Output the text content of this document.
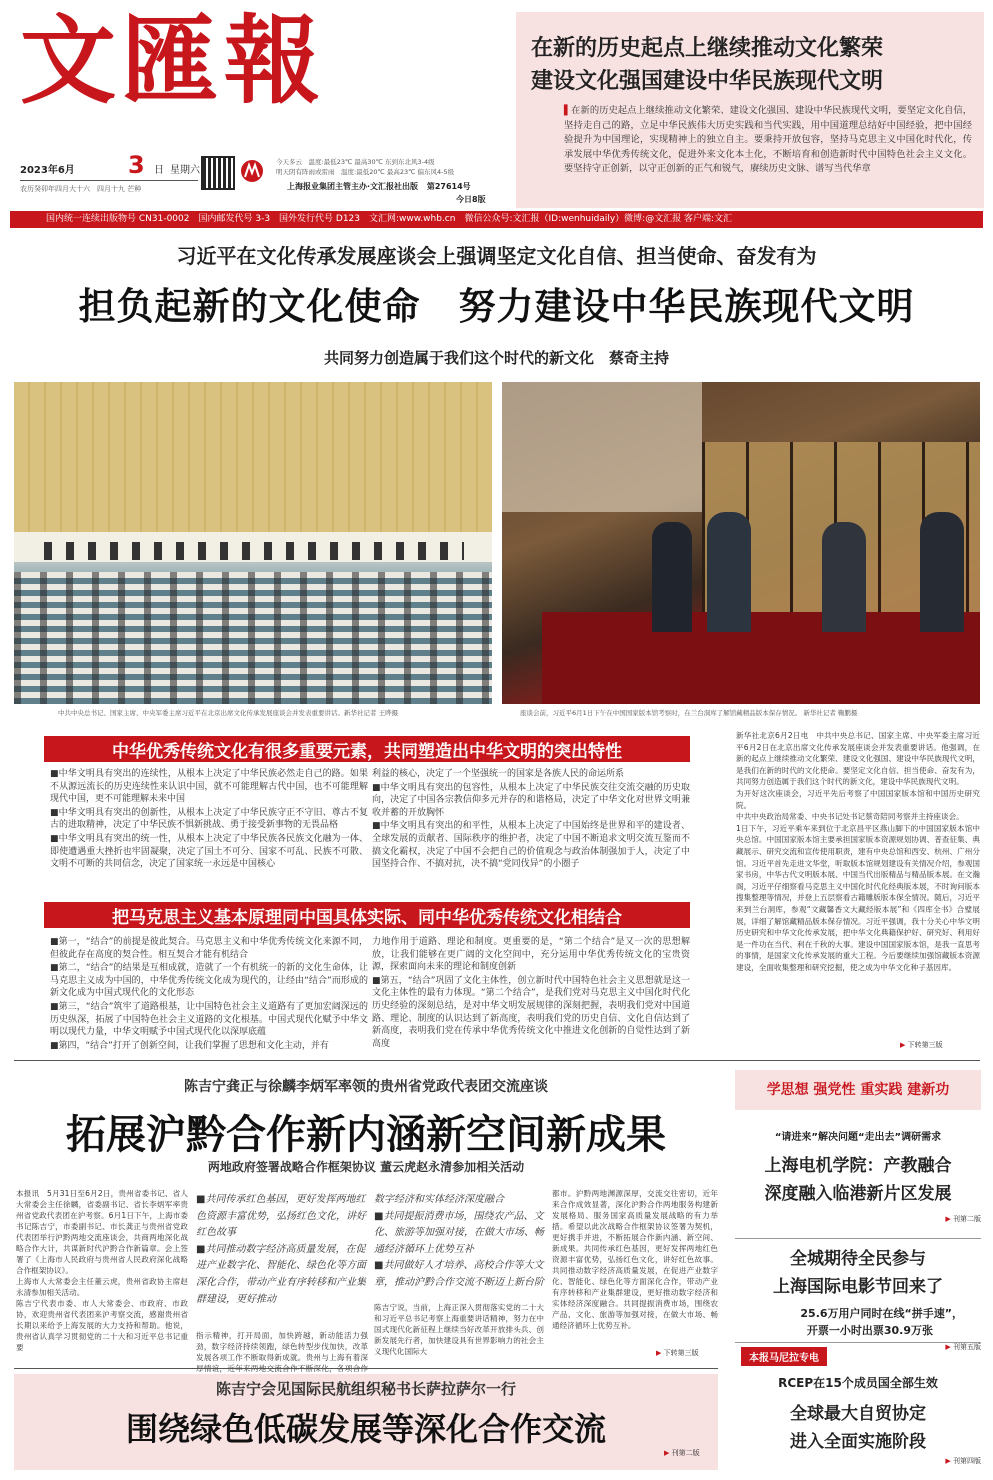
文匯報
2023年6月 3 日 星期六
农历癸卯年四月大十六　四月十九 芒种
今天多云　 温度:最低23℃ 最高30℃ 东到东北风3-4级
明天阴有阵雨或雷雨　 温度:最低20℃ 最高23℃ 偏东风4-5级
上海报业集团主管主办·文汇报社出版 第27614号
今日8版
在新的历史起点上继续推动文化繁荣
建设文化强国建设中华民族现代文明
▌在新的历史起点上继续推动文化繁荣、建设文化强国、建设中华民族现代文明，要坚定文化自信，坚持走自己的路，立足中华民族伟大历史实践和当代实践，用中国道理总结好中国经验，把中国经验提升为中国理论，实现精神上的独立自主。要秉持开放包容，坚持马克思主义中国化时代化，传承发展中华优秀传统文化，促进外来文化本土化，不断培育和创造新时代中国特色社会主义文化。要坚持守正创新，以守正创新的正气和锐气，赓续历史文脉、谱写当代华章
国内统一连续出版物号 CN31-0002　国内邮发代号 3-3　国外发行代号 D123　文汇网:www.whb.cn　微信公众号:文汇报（ID:wenhuidaily）微博:@文汇报 客户端:文汇
习近平在文化传承发展座谈会上强调坚定文化自信、担当使命、奋发有为
担负起新的文化使命　努力建设中华民族现代文明
共同努力创造属于我们这个时代的新文化　蔡奇主持
中共中央总书记、国家主席、中央军委主席习近平在北京出席文化传承发展座谈会并发表重要讲话。新华社记者 王晔摄	座谈会前，习近平6月1日下午在中国国家版本馆考察时，在兰台洞库了解馆藏精品版本保存情况。 新华社记者 鞠鹏摄
中华优秀传统文化有很多重要元素，共同塑造出中华文明的突出特性

■中华文明具有突出的连续性，从根本上决定了中华民族必然走自己的路。如果不从源远流长的历史连续性来认识中国，就不可能理解古代中国，也不可能理解现代中国，更不可能理解未来中国

■中华文明具有突出的创新性，从根本上决定了中华民族守正不守旧、尊古不复古的进取精神，决定了中华民族不惧新挑战、勇于接受新事物的无畏品格

■中华文明具有突出的统一性，从根本上决定了中华民族各民族文化融为一体、即使遭遇重大挫折也牢固凝聚，决定了国土不可分、国家不可乱、民族不可散、文明不可断的共同信念，决定了国家统一永远是中国核心

利益的核心，决定了一个坚强统一的国家是各族人民的命运所系

■中华文明具有突出的包容性，从根本上决定了中华民族交往交流交融的历史取向，决定了中国各宗教信仰多元并存的和谐格局，决定了中华文化对世界文明兼收并蓄的开放胸怀

■中华文明具有突出的和平性，从根本上决定了中国始终是世界和平的建设者、全球发展的贡献者、国际秩序的维护者，决定了中国不断追求文明交流互鉴而不搞文化霸权，决定了中国不会把自己的价值观念与政治体制强加于人，决定了中国坚持合作、不搞对抗，决不搞“党同伐异”的小圈子

把马克思主义基本原理同中国具体实际、同中华优秀传统文化相结合

■第一，“结合”的前提是彼此契合。马克思主义和中华优秀传统文化来源不同，但彼此存在高度的契合性。相互契合才能有机结合

■第二，“结合”的结果是互相成就，造就了一个有机统一的新的文化生命体，让马克思主义成为中国的，中华优秀传统文化成为现代的，让经由“结合”而形成的新文化成为中国式现代化的文化形态

■第三，“结合”筑牢了道路根基，让中国特色社会主义道路有了更加宏阔深远的历史纵深，拓展了中国特色社会主义道路的文化根基。中国式现代化赋予中华文明以现代力量，中华文明赋予中国式现代化以深厚底蕴

■第四，“结合”打开了创新空间，让我们掌握了思想和文化主动，并有

力地作用于道路、理论和制度。更重要的是，“第二个结合”是又一次的思想解放，让我们能够在更广阔的文化空间中，充分运用中华优秀传统文化的宝贵资源，探索面向未来的理论和制度创新

■第五，“结合”巩固了文化主体性，创立新时代中国特色社会主义思想就是这一文化主体性的最有力体现。“第二个结合”，是我们党对马克思主义中国化时代化历史经验的深刻总结，是对中华文明发展规律的深刻把握，表明我们党对中国道路、理论、制度的认识达到了新高度，表明我们党的历史自信、文化自信达到了新高度，表明我们党在传承中华优秀传统文化中推进文化创新的自觉性达到了新高度

新华社北京6月2日电　中共中央总书记、国家主席、中央军委主席习近平6月2日在北京出席文化传承发展座谈会并发表重要讲话。他强调，在新的起点上继续推动文化繁荣、建设文化强国、建设中华民族现代文明，是我们在新的时代的文化使命。要坚定文化自信、担当使命、奋发有为，共同努力创造属于我们这个时代的新文化，建设中华民族现代文明。
为开好这次座谈会，习近平先后考察了中国国家版本馆和中国历史研究院。
中共中央政治局常委、中央书记处书记蔡奇陪同考察并主持座谈会。
1日下午，习近平乘车来到位于北京昌平区燕山脚下的中国国家版本馆中央总馆。中国国家版本馆主要承担国家版本资源规划协调、普查征集、典藏展示、研究交流和宣传使用职责，建有中央总馆和西安、杭州、广州分馆。习近平首先走进文华堂，听取版本馆规划建设有关情况介绍，参观国家书房，中华古代文明版本展、中国当代出版精品与精品版本展。在文瀚阁，习近平仔细察看马克思主义中国化时代化经典版本展，不时询问版本搜集整理等情况，并登上五层察看古籍雕版版本保全情况。随后，习近平来到兰台洞库，参观“文藏馨香文大藏经版本展”和《四库全书》合璧展展，详细了解馆藏精品版本保存情况。习近平强调，我十分关心中华文明历史研究和中华文化传承发展，把中华文化典籍保护好、研究好、利用好是一件功在当代、利在千秋的大事。建设中国国家版本馆，是我一直思考的事情，是国家文化传承发展的重大工程。今后要继续加强馆藏版本资源建设，全面收集整理和研究挖掘，使之成为中华文化种子基因库。
▶ 下转第三版
陈吉宁龚正与徐麟李炳军率领的贵州省党政代表团交流座谈
拓展沪黔合作新内涵新空间新成果
两地政府签署战略合作框架协议 董云虎赵永清参加相关活动
本报讯　5月31日至6月2日，贵州省委书记、省人大常委会主任徐麟，省委副书记、省长李炳军率贵州省党政代表团在沪考察。6月1日下午，上海市委书记陈吉宁，市委副书记、市长龚正与贵州省党政代表团举行沪黔两地交流座谈会，共商两地深化战略合作大计，共谋新时代沪黔合作新篇章。会上签署了《上海市人民政府与贵州省人民政府深化战略合作框架协议》。
上海市人大常委会主任董云虎，贵州省政协主席赵永清参加相关活动。
陈吉宁代表市委、市人大常委会、市政府、市政协，欢迎贵州省代表团来沪考察交流，感谢贵州省长期以来给予上海发展的大力支持和帮助。他说，贵州省认真学习贯彻党的二十大和习近平总书记重要
■共同传承红色基因，更好发挥两地红色资源丰富优势，弘扬红色文化，讲好红色故事
■共同推动数字经济高质量发展，在促进产业数字化、智能化、绿色化等方面深化合作，带动产业有序转移和产业集群建设，更好推动
指示精神，打开局面，加快跨越，新动能活力强劲，数字经济持续领跑，绿色转型步伐加快，改革发展各项工作不断取得新成就。贵州与上海有着深
数字经济和实体经济深度融合
■共同提振消费市场，围绕农产品、文化、旅游等加强对接，在做大市场、畅通经济循环上优势互补
■共同做好人才培养、高校合作等大文章，推动沪黔合作交流不断迈上新台阶
陈吉宁说，当前，上海正深入贯彻落实党的二十大和习近平总书记考察上海重要讲话精神，努力在中国式现代化新征程上继续当好改革开放排头兵、创新发展先行者，加快建设具有世界影响力的社会主义现代化国际大
都市。沪黔两地渊源深厚，交流交往密切，近年来合作成效显著，深化沪黔合作两地服务构建新发展格局、服务国家高质量发展战略的有力举措。希望以此次战略合作框架协议签署为契机，更好携手并进，不断拓展合作新内涵、新空间、新成果。共同传承红色基因，更好发挥两地红色资源丰富优势，弘扬红色文化，讲好红色故事。共同推动数字经济高质量发展，在促进产业数字化、智能化、绿色化等方面深化合作，带动产业有序转移和产业集群建设，更好推动数字经济和实体经济深度融合。共同提振消费市场，围绕农产品、文化、旅游等加强对接，在做大市场、畅通经济循环上优势互补。
▶ 下转第三版
陈吉宁会见国际民航组织秘书长萨拉萨尔一行
围绕绿色低碳发展等深化合作交流
▶ 刊第二版
学思想 强党性 重实践 建新功
“请进来”解决问题“走出去”调研需求
上海电机学院：产教融合
深度融入临港新片区发展
▶ 刊第二版
全城期待全民参与
上海国际电影节回来了
25.6万用户同时在线“拼手速”，
开票一小时出票30.9万张
▶ 刊第五版
本报马尼拉专电
RCEP在15个成员国全部生效
全球最大自贸协定
进入全面实施阶段
▶ 刊第四版
